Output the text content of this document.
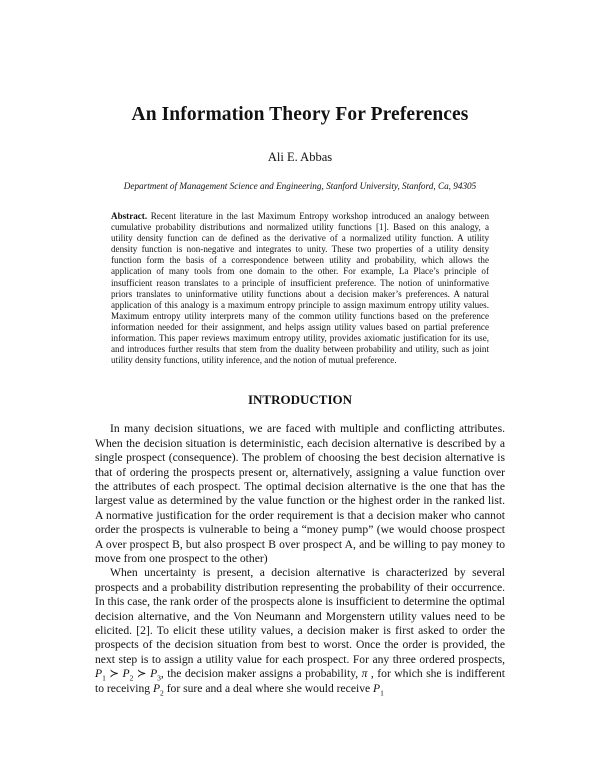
An Information Theory For Preferences
Ali E. Abbas
Department of Management Science and Engineering, Stanford University, Stanford, Ca, 94305
Abstract. Recent literature in the last Maximum Entropy workshop introduced an analogy between cumulative probability distributions and normalized utility functions [1]. Based on this analogy, a utility density function can de defined as the derivative of a normalized utility function. A utility density function is non-negative and integrates to unity. These two properties of a utility density function form the basis of a correspondence between utility and probability, which allows the application of many tools from one domain to the other. For example, La Place’s principle of insufficient reason translates to a principle of insufficient preference. The notion of uninformative priors translates to uninformative utility functions about a decision maker’s preferences. A natural application of this analogy is a maximum entropy principle to assign maximum entropy utility values. Maximum entropy utility interprets many of the common utility functions based on the preference information needed for their assignment, and helps assign utility values based on partial preference information. This paper reviews maximum entropy utility, provides axiomatic justification for its use, and introduces further results that stem from the duality between probability and utility, such as joint utility density functions, utility inference, and the notion of mutual preference.
INTRODUCTION

In many decision situations, we are faced with multiple and conflicting attributes. When the decision situation is deterministic, each decision alternative is described by a single prospect (consequence). The problem of choosing the best decision alternative is that of ordering the prospects present or, alternatively, assigning a value function over the attributes of each prospect. The optimal decision alternative is the one that has the largest value as determined by the value function or the highest order in the ranked list. A normative justification for the order requirement is that a decision maker who cannot order the prospects is vulnerable to being a “money pump” (we would choose prospect A over prospect B, but also prospect B over prospect A, and be willing to pay money to move from one prospect to the other)

When uncertainty is present, a decision alternative is characterized by several prospects and a probability distribution representing the probability of their occurrence. In this case, the rank order of the prospects alone is insufficient to determine the optimal decision alternative, and the Von Neumann and Morgenstern utility values need to be elicited. [2]. To elicit these utility values, a decision maker is first asked to order the prospects of the decision situation from best to worst. Once the order is provided, the next step is to assign a utility value for each prospect. For any three ordered prospects, $P_1$ ≻ $P_2$ ≻ $P_3$, the decision maker assigns a probability, π , for which she is indifferent to receiving $P_2$ for sure and a deal where she would receive $P_1$
